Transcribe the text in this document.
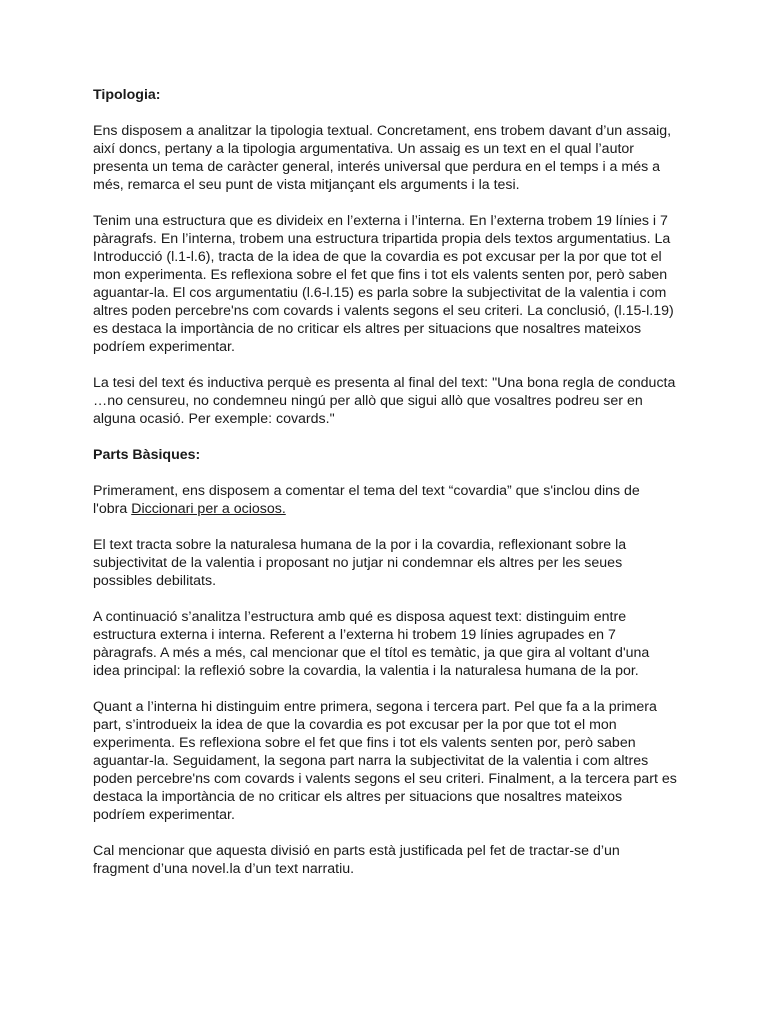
Tipologia:

Ens disposem a analitzar la tipologia textual. Concretament, ens trobem davant d’un assaig, així doncs, pertany a la tipologia argumentativa. Un assaig es un text en el qual l’autor presenta un tema de caràcter general, interés universal que perdura en el temps i a més a més, remarca el seu punt de vista mitjançant els arguments i la tesi.

Tenim una estructura que es divideix en l’externa i l’interna. En l’externa trobem 19 línies i 7 pàragrafs. En l’interna, trobem una estructura tripartida propia dels textos argumentatius. La Introducció (l.1-l.6), tracta de la idea de que la covardia es pot excusar per la por que tot el mon experimenta. Es reflexiona sobre el fet que fins i tot els valents senten por, però saben aguantar-la. El cos argumentatiu (l.6-l.15) es parla sobre la subjectivitat de la valentia i com altres poden percebre'ns com covards i valents segons el seu criteri. La conclusió, (l.15-l.19) es destaca la importància de no criticar els altres per situacions que nosaltres mateixos podríem experimentar.

La tesi del text és inductiva perquè es presenta al final del text: "Una bona regla de conducta …no censureu, no condemneu ningú per allò que sigui allò que vosaltres podreu ser en alguna ocasió. Per exemple: covards."

Parts Bàsiques:

Primerament, ens disposem a comentar el tema del text “covardia” que s'inclou dins de l'obra Diccionari per a ociosos.

El text tracta sobre la naturalesa humana de la por i la covardia, reflexionant sobre la subjectivitat de la valentia i proposant no jutjar ni condemnar els altres per les seues possibles debilitats.

A continuació s’analitza l’estructura amb qué es disposa aquest text: distinguim entre estructura externa i interna. Referent a l’externa hi trobem 19 línies agrupades en 7 pàragrafs. A més a més, cal mencionar que el títol es temàtic, ja que gira al voltant d'una idea principal: la reflexió sobre la covardia, la valentia i la naturalesa humana de la por.

Quant a l’interna hi distinguim entre primera, segona i tercera part. Pel que fa a la primera part, s’introdueix la idea de que la covardia es pot excusar per la por que tot el mon experimenta. Es reflexiona sobre el fet que fins i tot els valents senten por, però saben aguantar-la. Seguidament, la segona part narra la subjectivitat de la valentia i com altres poden percebre'ns com covards i valents segons el seu criteri. Finalment, a la tercera part es destaca la importància de no criticar els altres per situacions que nosaltres mateixos podríem experimentar.

Cal mencionar que aquesta divisió en parts està justificada pel fet de tractar-se d’un fragment d’una novel.la d’un text narratiu.
